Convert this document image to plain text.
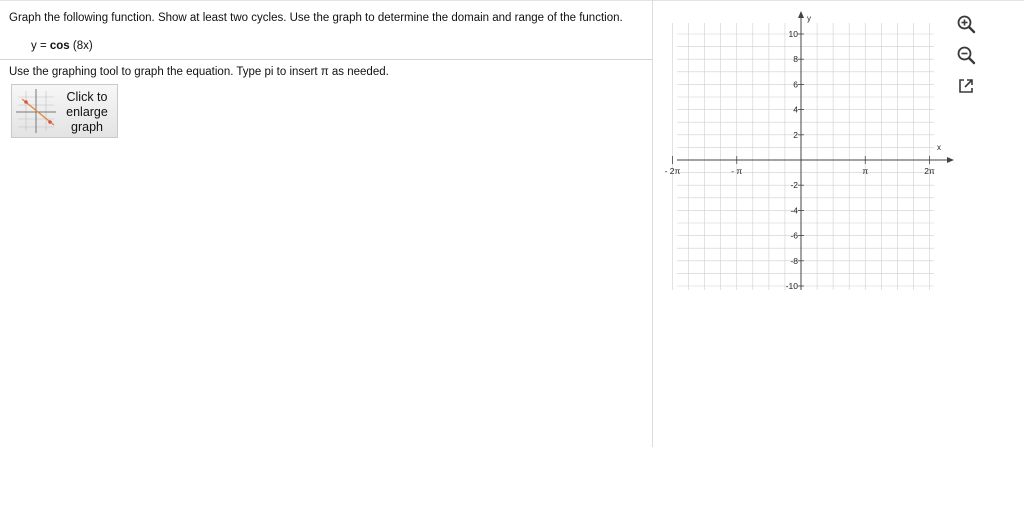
Graph the following function. Show at least two cycles. Use the graph to determine the domain and range of the function.
y = cos (8x)
Use the graphing tool to graph the equation. Type pi to insert π as needed.
Click to enlarge graph
x
y
- 2π	- π	π	2π
10
8
6
4
2
-2
-4
-6
-8
-10
